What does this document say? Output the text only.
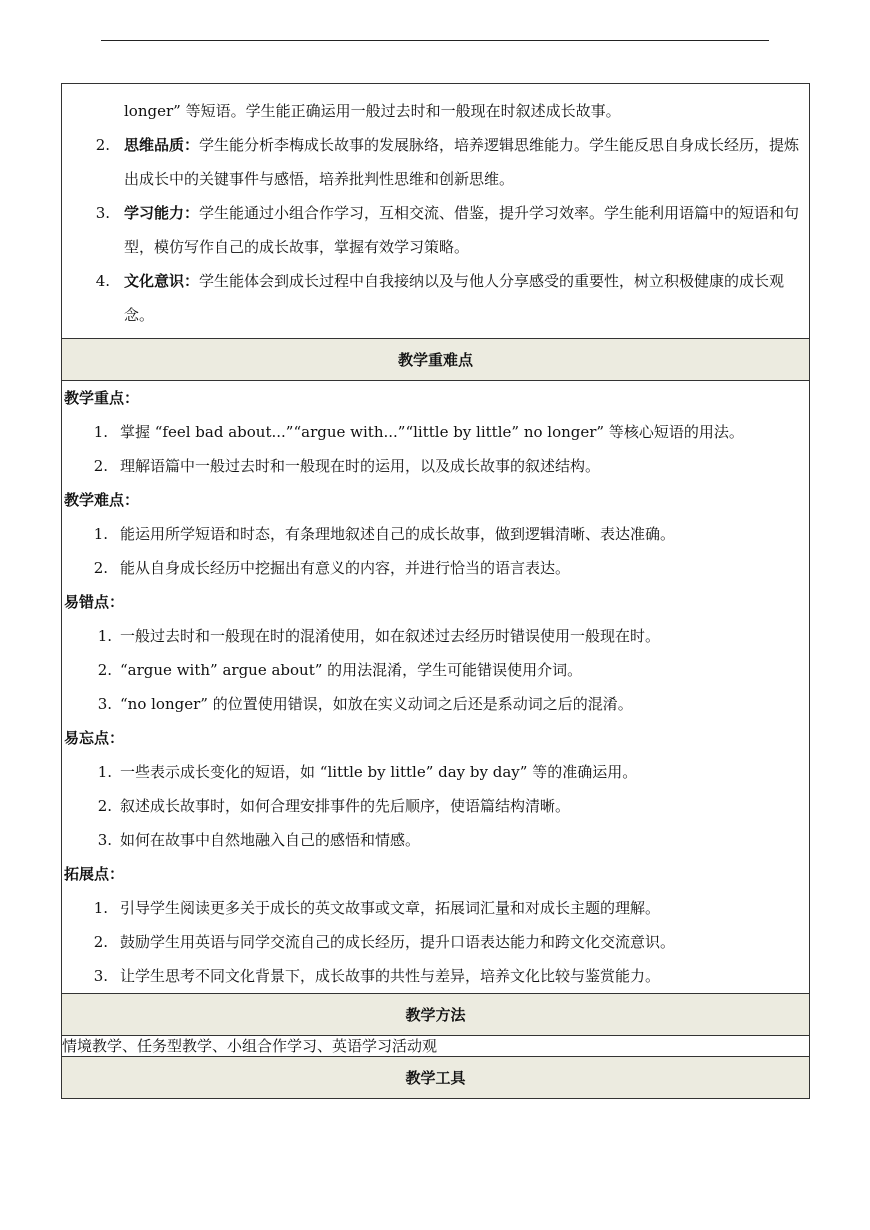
longer” 等短语。学生能正确运用一般过去时和一般现在时叙述成长故事。
2. 思维品质：学生能分析李梅成长故事的发展脉络，培养逻辑思维能力。学生能反思自身成长经历，提炼出成长中的关键事件与感悟，培养批判性思维和创新思维。
3. 学习能力：学生能通过小组合作学习，互相交流、借鉴，提升学习效率。学生能利用语篇中的短语和句型，模仿写作自己的成长故事，掌握有效学习策略。
4. 文化意识：学生能体会到成长过程中自我接纳以及与他人分享感受的重要性，树立积极健康的成长观念。

教学重难点

教学重点：
1. 掌握 “feel bad about...”“argue with...”“little by little” no longer” 等核心短语的用法。
2. 理解语篇中一般过去时和一般现在时的运用，以及成长故事的叙述结构。
教学难点：
1. 能运用所学短语和时态，有条理地叙述自己的成长故事，做到逻辑清晰、表达准确。
2. 能从自身成长经历中挖掘出有意义的内容，并进行恰当的语言表达。
易错点：
1. 一般过去时和一般现在时的混淆使用，如在叙述过去经历时错误使用一般现在时。
2. “argue with” argue about” 的用法混淆，学生可能错误使用介词。
3. “no longer” 的位置使用错误，如放在实义动词之后还是系动词之后的混淆。
易忘点：
1. 一些表示成长变化的短语，如 “little by little” day by day” 等的准确运用。
2. 叙述成长故事时，如何合理安排事件的先后顺序，使语篇结构清晰。
3. 如何在故事中自然地融入自己的感悟和情感。
拓展点：
1. 引导学生阅读更多关于成长的英文故事或文章，拓展词汇量和对成长主题的理解。
2. 鼓励学生用英语与同学交流自己的成长经历，提升口语表达能力和跨文化交流意识。
3. 让学生思考不同文化背景下，成长故事的共性与差异，培养文化比较与鉴赏能力。

教学方法
情境教学、任务型教学、小组合作学习、英语学习活动观
教学工具
